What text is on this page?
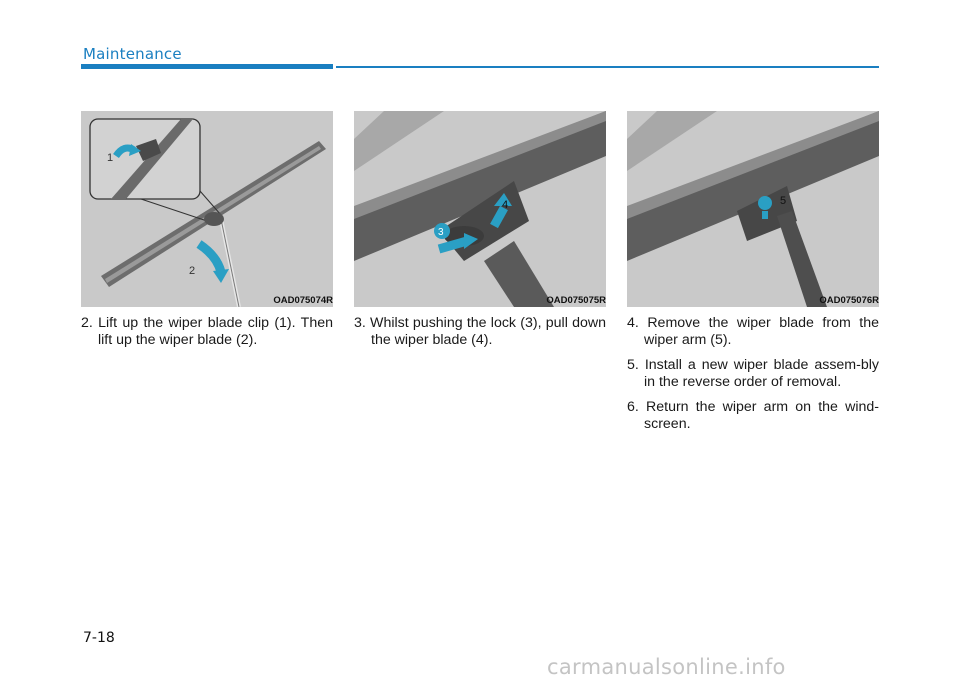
Maintenance
1
2
OAD075074R
3
4
OAD075075R
5
OAD075076R

2. Lift up the wiper blade clip (1). Then lift up the wiper blade (2).

3. Whilst pushing the lock (3), pull down the wiper blade (4).

4. Remove the wiper blade from the wiper arm (5).

5. Install a new wiper blade assem-bly in the reverse order of removal.

6. Return the wiper arm on the wind-screen.

7-18
carmanualsonline.info
